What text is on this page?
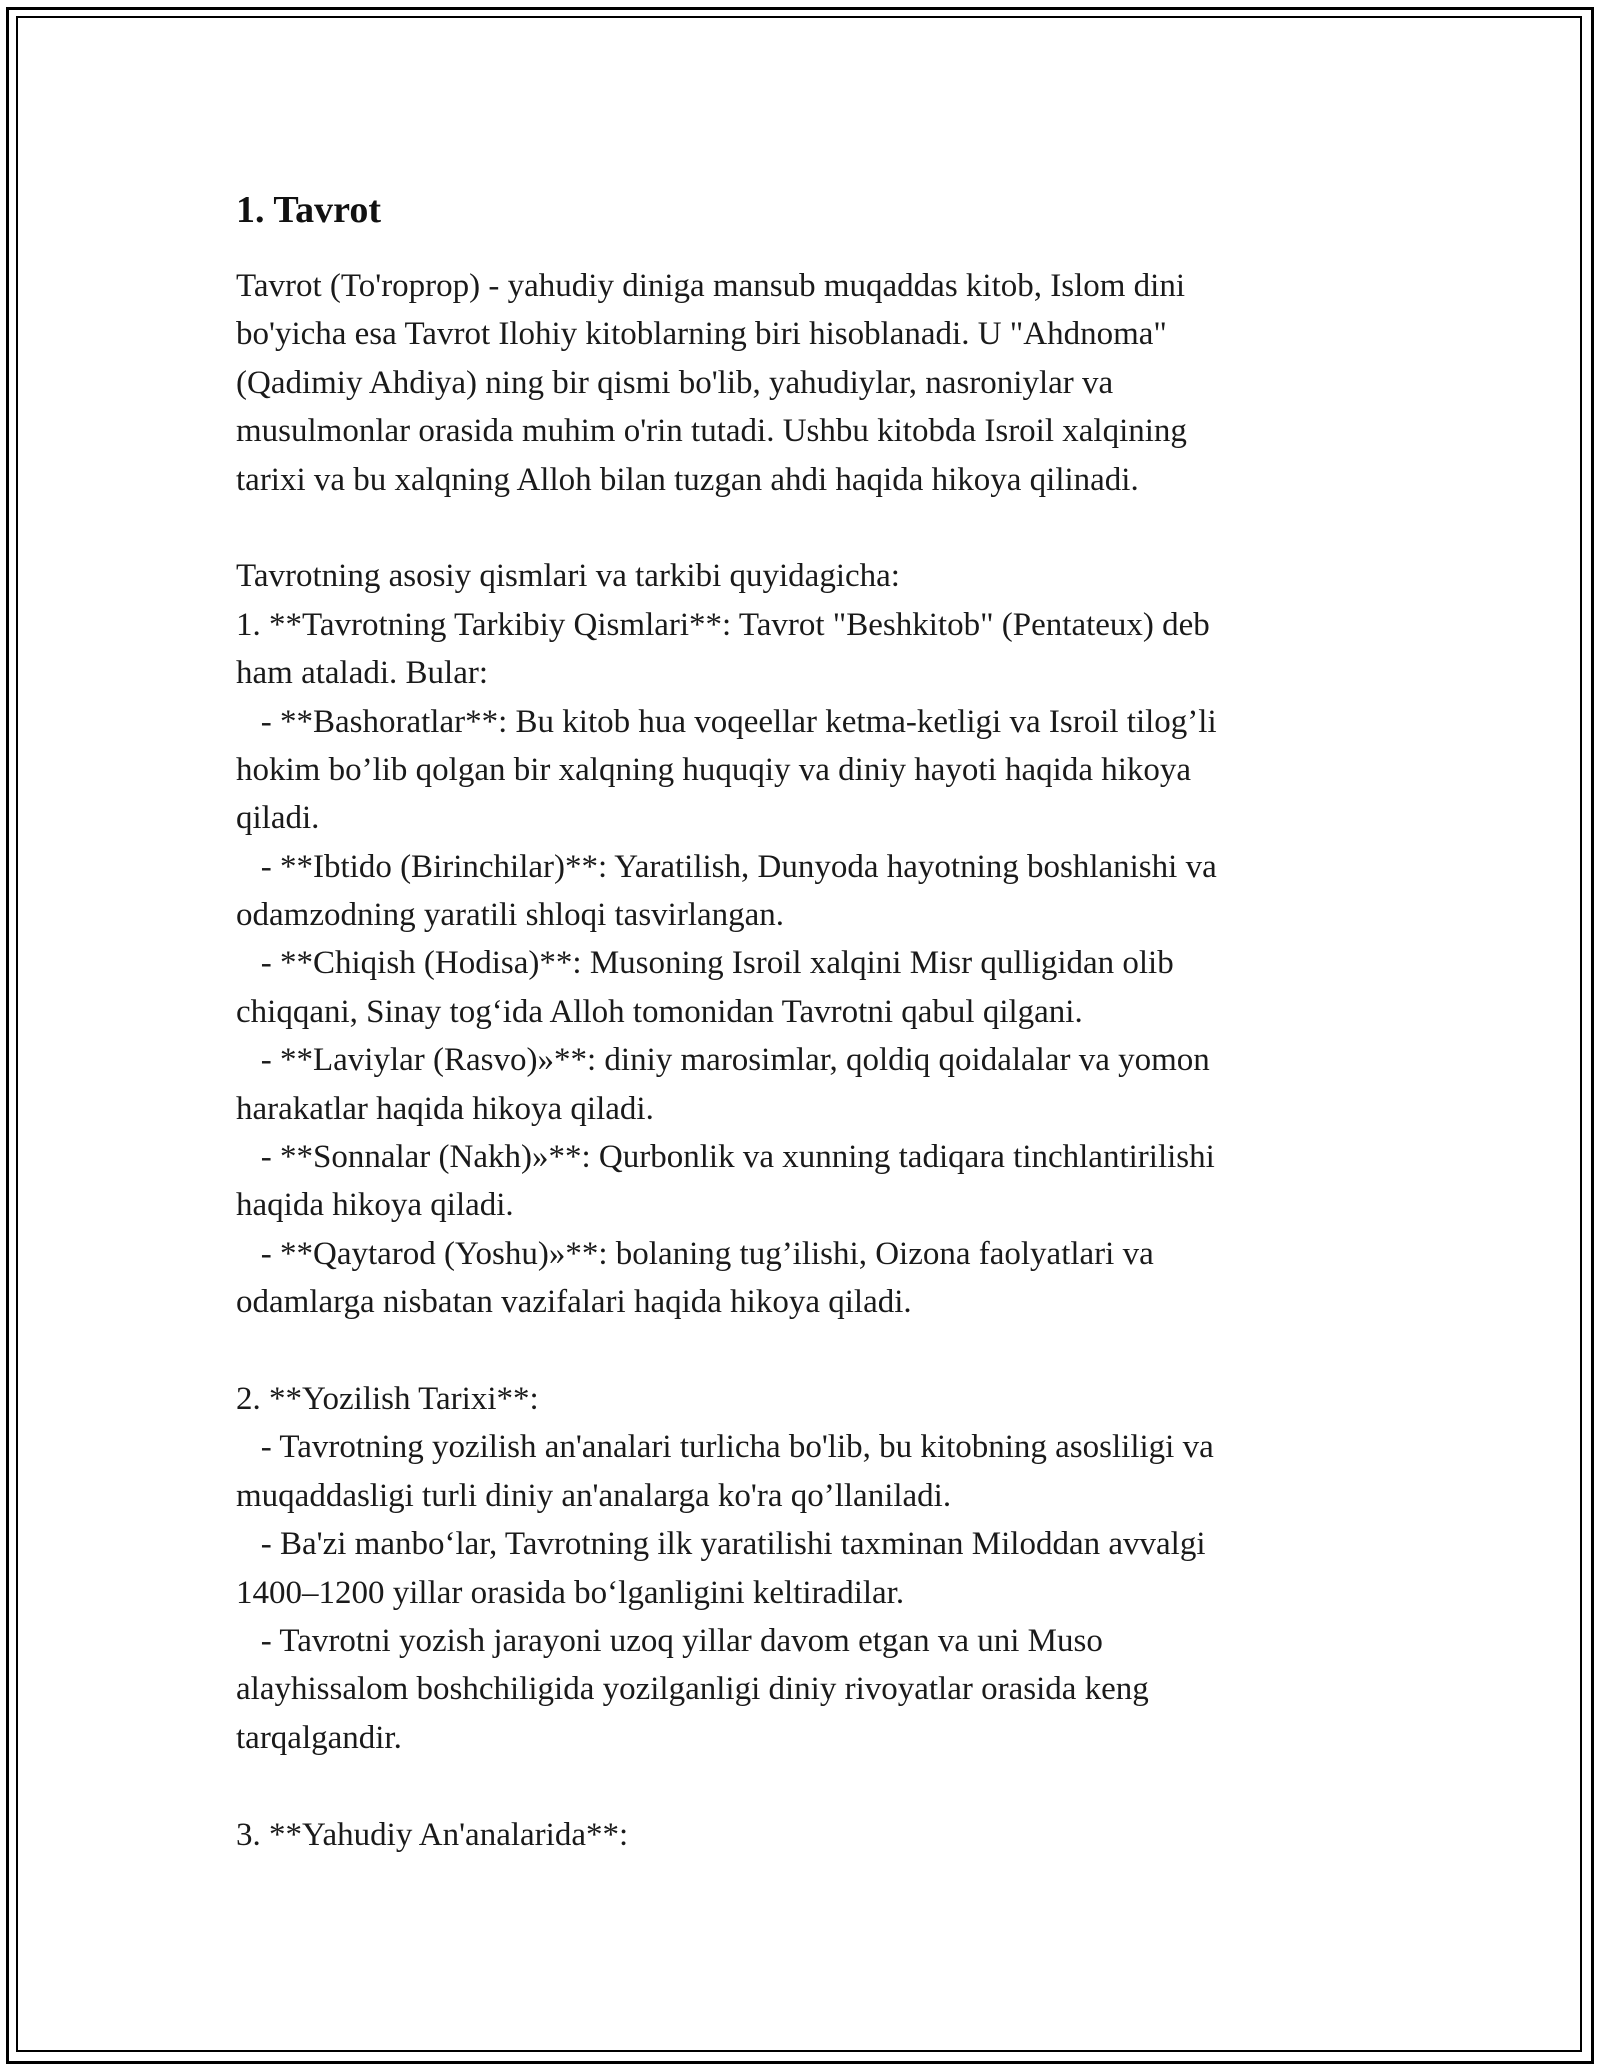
1. Tavrot
Tavrot (To'roprop) - yahudiy diniga mansub muqaddas kitob, Islom dini
bo'yicha esa Tavrot Ilohiy kitoblarning biri hisoblanadi. U "Ahdnoma"
(Qadimiy Ahdiya) ning bir qismi bo'lib, yahudiylar, nasroniylar va
musulmonlar orasida muhim o'rin tutadi. Ushbu kitobda Isroil xalqining
tarixi va bu xalqning Alloh bilan tuzgan ahdi haqida hikoya qilinadi.
Tavrotning asosiy qismlari va tarkibi quyidagicha:
1. **Tavrotning Tarkibiy Qismlari**: Tavrot "Beshkitob" (Pentateux) deb
ham ataladi. Bular:
- **Bashoratlar**: Bu kitob hua voqeellar ketma-ketligi va Isroil tilog’li
hokim bo’lib qolgan bir xalqning huquqiy va diniy hayoti haqida hikoya
qiladi.
- **Ibtido (Birinchilar)**: Yaratilish, Dunyoda hayotning boshlanishi va
odamzodning yaratili shloqi tasvirlangan.
- **Chiqish (Hodisa)**: Musoning Isroil xalqini Misr qulligidan olib
chiqqani, Sinay tog‘ida Alloh tomonidan Tavrotni qabul qilgani.
- **Laviylar (Rasvo)»**: diniy marosimlar, qoldiq qoidalalar va yomon
harakatlar haqida hikoya qiladi.
- **Sonnalar (Nakh)»**: Qurbonlik va xunning tadiqara tinchlantirilishi
haqida hikoya qiladi.
- **Qaytarod (Yoshu)»**: bolaning tug’ilishi, Oizona faolyatlari va
odamlarga nisbatan vazifalari haqida hikoya qiladi.
2. **Yozilish Tarixi**:
- Tavrotning yozilish an'analari turlicha bo'lib, bu kitobning asosliligi va
muqaddasligi turli diniy an'analarga ko'ra qo’llaniladi.
- Ba'zi manbo‘lar, Tavrotning ilk yaratilishi taxminan Miloddan avvalgi
1400–1200 yillar orasida bo‘lganligini keltiradilar.
- Tavrotni yozish jarayoni uzoq yillar davom etgan va uni Muso
alayhissalom boshchiligida yozilganligi diniy rivoyatlar orasida keng
tarqalgandir.
3. **Yahudiy An'analarida**:
